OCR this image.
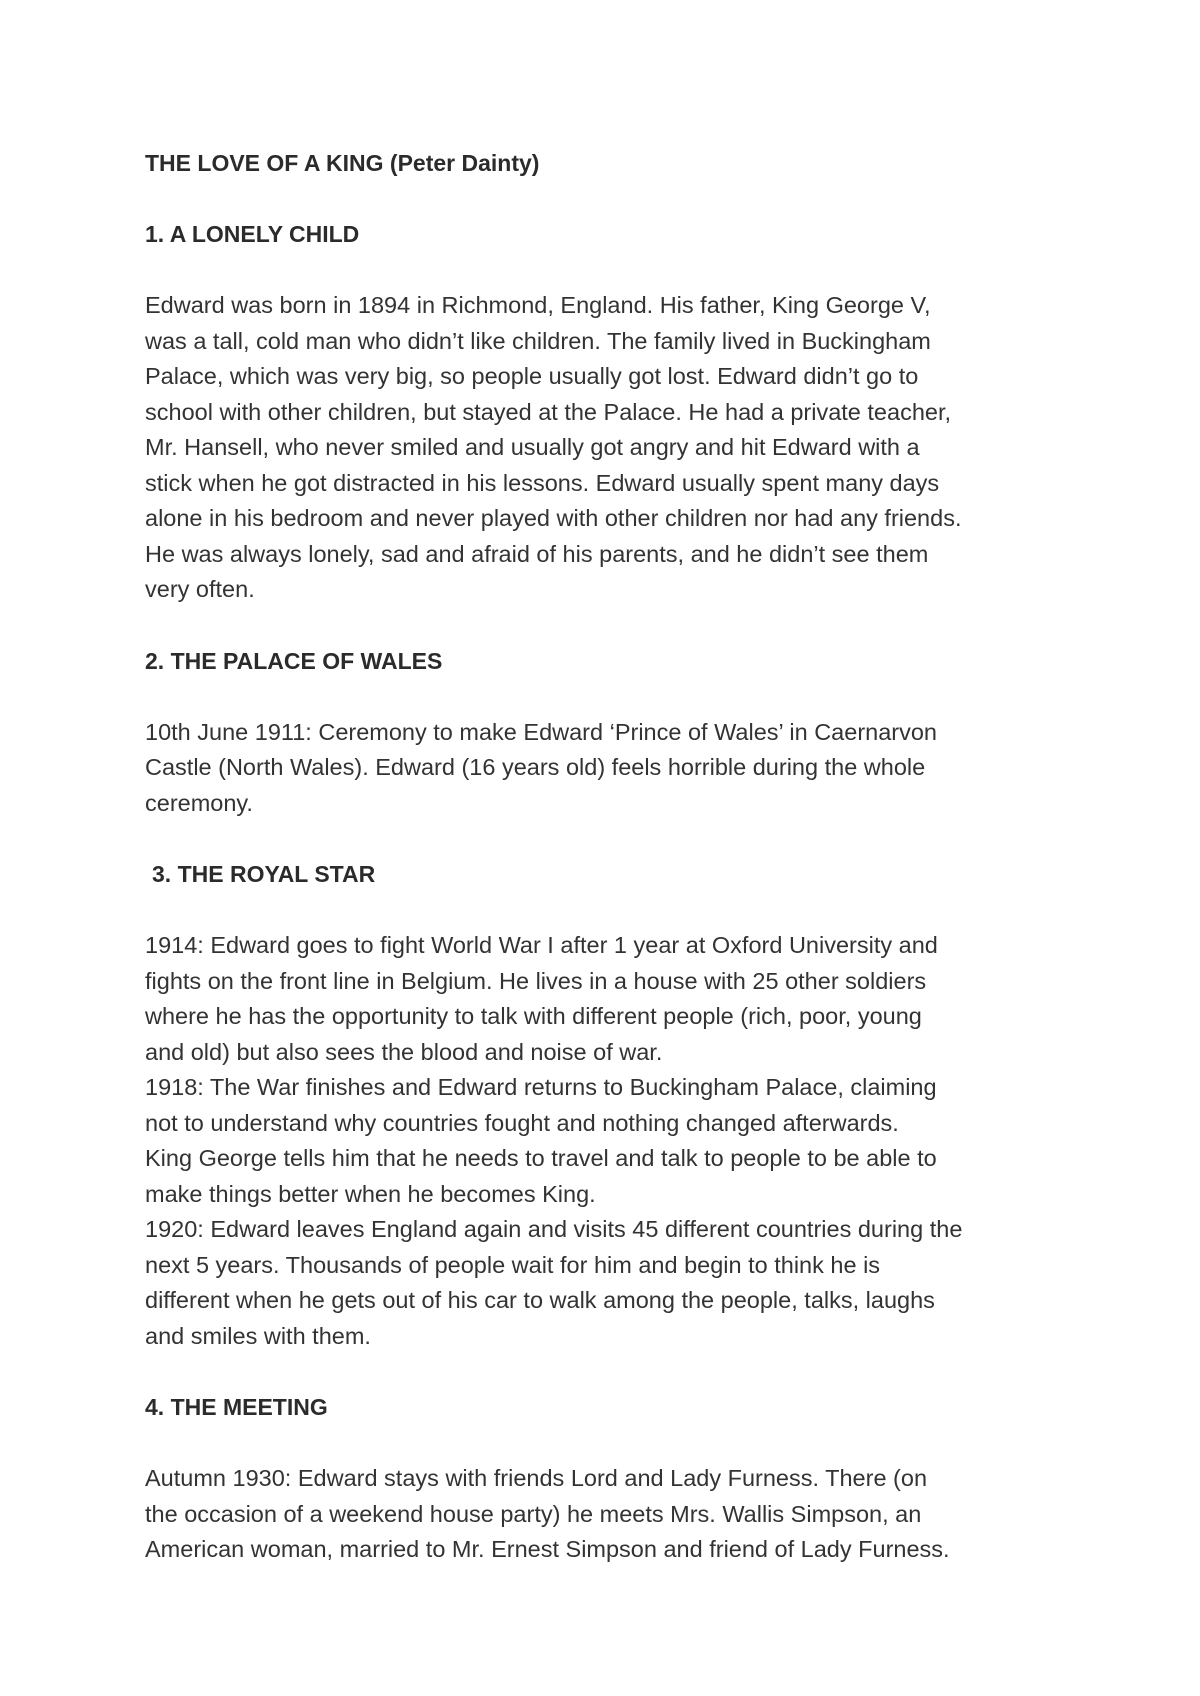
THE LOVE OF A KING (Peter Dainty)
1. A LONELY CHILD
Edward was born in 1894 in Richmond, England. His father, King George V,
was a tall, cold man who didn’t like children. The family lived in Buckingham
Palace, which was very big, so people usually got lost. Edward didn’t go to
school with other children, but stayed at the Palace. He had a private teacher,
Mr. Hansell, who never smiled and usually got angry and hit Edward with a
stick when he got distracted in his lessons. Edward usually spent many days
alone in his bedroom and never played with other children nor had any friends.
He was always lonely, sad and afraid of his parents, and he didn’t see them
very often.
2. THE PALACE OF WALES
10th June 1911: Ceremony to make Edward ‘Prince of Wales’ in Caernarvon
Castle (North Wales). Edward (16 years old) feels horrible during the whole
ceremony.
3. THE ROYAL STAR
1914: Edward goes to fight World War I after 1 year at Oxford University and
fights on the front line in Belgium. He lives in a house with 25 other soldiers
where he has the opportunity to talk with different people (rich, poor, young
and old) but also sees the blood and noise of war.
1918: The War finishes and Edward returns to Buckingham Palace, claiming
not to understand why countries fought and nothing changed afterwards.
King George tells him that he needs to travel and talk to people to be able to
make things better when he becomes King.
1920: Edward leaves England again and visits 45 different countries during the
next 5 years. Thousands of people wait for him and begin to think he is
different when he gets out of his car to walk among the people, talks, laughs
and smiles with them.
4. THE MEETING
Autumn 1930: Edward stays with friends Lord and Lady Furness. There (on
the occasion of a weekend house party) he meets Mrs. Wallis Simpson, an
American woman, married to Mr. Ernest Simpson and friend of Lady Furness.
